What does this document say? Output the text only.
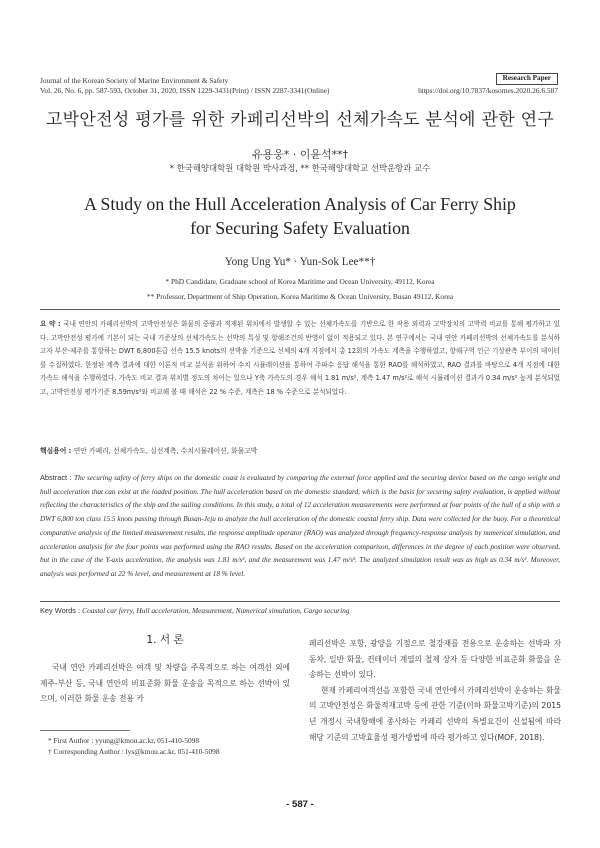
Journal of the Korean Society of Marine Environment & Safety
Vol. 26, No. 6, pp. 587-593, October 31, 2020, ISSN 1229-3431(Print) / ISSN 2287-3341(Online)
Research Paper
https://doi.org/10.7837/kosomes.2020.26.6.587
고박안전성 평가를 위한 카페리선박의 선체가속도 분석에 관한 연구
유용웅* · 이윤석**†
* 한국해양대학원 대학원 박사과정, ** 한국해양대학교 선박운항과 교수
A Study on the Hull Acceleration Analysis of Car Ferry Ship
for Securing Safety Evaluation
Yong Ung Yu* · Yun-Sok Lee**†
* PhD Candidate, Graduate school of Korea Maritime and Ocean University, 49112, Korea
** Professor, Department of Ship Operation, Korea Maritime & Ocean University, Busan 49112, Korea
요 약 : 국내 연안의 카페리선박의 고박안전성은 화물의 중량과 적재된 위치에서 발생할 수 있는 선체가속도를 기반으로 한 작용 외력과 고박장치의 고박력 비교를 통해 평가하고 있다. 고박안전성 평가에 기본이 되는 국내 기준상의 선체가속도는 선박의 특성 및 항해조건의 반영이 없이 적용되고 있다. 본 연구에서는 국내 연안 카페리선박의 선체가속도를 분석하고자 부산-제주를 통항하는 DWT 6,800톤급 선속 15.5 knots의 선박을 기준으로 선체의 4개 지점에서 총 12회의 가속도 계측을 수행하였고, 항해구역 인근 기상관측 부이의 데이터를 수집하였다. 한정된 계측 결과에 대한 이론적 비교 분석을 위하여 수치 시뮬레이션을 통하여 주파수 응답 해석을 통한 RAO를 해석하였고, RAO 결과를 바탕으로 4개 지점에 대한 가속도 해석을 수행하였다. 가속도 비교 결과 위치별 정도의 차이는 있으나 Y축 가속도의 경우 해석 1.81 m/s², 계측 1.47 m/s²로 해석 시뮬레이션 결과가 0.34 m/s² 높게 분석되었고, 고박안전성 평가기준 8.59m/s²와 비교해 볼 때 해석은 22 % 수준, 계측은 18 % 수준으로 분석되었다.
핵심용어 : 연안 카페리, 선체가속도, 실선계측, 수치시뮬레이션, 화물고박
Abstract : The securing safety of ferry ships on the domestic coast is evaluated by comparing the external force applied and the securing device based on the cargo weight and hull acceleration that can exist at the loaded position. The hull acceleration based on the domestic standard, which is the basis for securing safety evaluation, is applied without reflecting the characteristics of the ship and the sailing conditions. In this study, a total of 12 acceleration measurements were performed at four points of the hull of a ship with a DWT 6,800 ton class 15.5 knots passing through Busan-Jeju to analyze the hull acceleration of the domestic coastal ferry ship. Data were collected for the buoy. For a theoretical comparative analysis of the limited measurement results, the response amplitude operator (RAO) was analyzed through frequency-response analysis by numerical simulation, and acceleration analysis for the four points was performed using the RAO results. Based on the acceleration comparison, differences in the degree of each position were observed, but in the case of the Y-axis acceleration, the analysis was 1.81 m/s², and the measurement was 1.47 m/s². The analyzed simulation result was as high as 0.34 m/s². Moreover, analysis was performed at 22 % level, and measurement at 18 % level.
Key Words : Coastal car ferry, Hull acceleration, Measurement, Numerical simulation, Cargo securing
1. 서 론
국내 연안 카페리선박은 여객 및 차량을 주목적으로 하는 여객선 외에 제주-부산 등, 국내 연안의 비표준화 화물 운송을 목적으로 하는 선박이 있으며, 이러한 화물 운송 전용 카

페리선박은 포항, 광양을 기점으로 철강재를 전용으로 운송하는 선박과 자동차, 일반 화물, 컨테이너 계열의 철제 상자 등 다양한 비표준화 화물을 운송하는 선박이 있다.

현재 카페리여객선을 포함한 국내 연안에서 카페리선박이 운송하는 화물의 고박안전성은 화물적재고박 등에 관한 기준(이하 화물고박기준)의 2015년 개정시 국내항해에 종사하는 카페리 선박의 특별요건이 신설됨에 따라 해당 기준의 고박효율성 평가방법에 따라 평가하고 있다(MOF, 2018).

* First Author : yyung@kmou.ac.kr, 051-410-5098
† Corresponding Author : lys@kmou.ac.kr, 051-410-5098
- 587 -
